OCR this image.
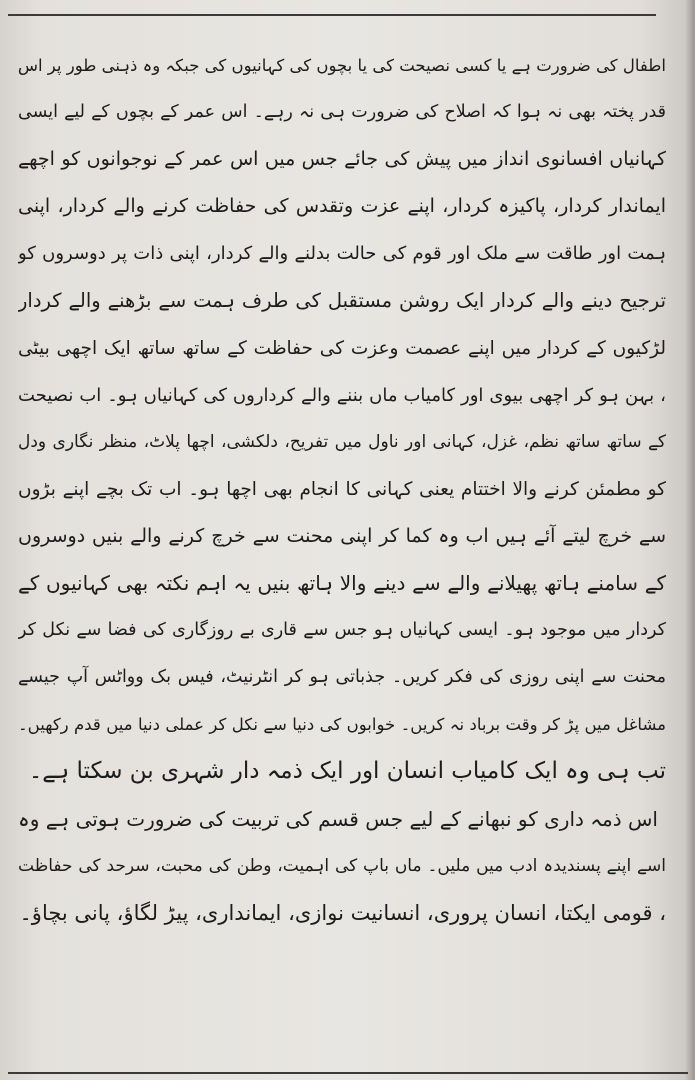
اطفال کی ضرورت ہے یا کسی نصیحت کی یا بچوں کی کہانیوں کی جبکہ وہ ذہنی طور پر اس
قدر پختہ بھی نہ ہوا کہ اصلاح کی ضرورت ہی نہ رہے۔ اس عمر کے بچوں کے لیے ایسی
کہانیاں افسانوی انداز میں پیش کی جائے جس میں اس عمر کے نوجوانوں کو اچھے
ایماندار کردار، پاکیزہ کردار، اپنے عزت وتقدس کی حفاظت کرنے والے کردار، اپنی
ہمت اور طاقت سے ملک اور قوم کی حالت بدلنے والے کردار، اپنی ذات پر دوسروں کو
ترجیح دینے والے کردار ایک روشن مستقبل کی طرف ہمت سے بڑھنے والے کردار
لڑکیوں کے کردار میں اپنے عصمت وعزت کی حفاظت کے ساتھ ساتھ ایک اچھی بیٹی
، بہن ہو کر اچھی بیوی اور کامیاب ماں بننے والے کرداروں کی کہانیاں ہو۔ اب نصیحت
کے ساتھ ساتھ نظم، غزل، کہانی اور ناول میں تفریح، دلکشی، اچھا پلاٹ، منظر نگاری ودل
کو مطمئن کرنے والا اختتام یعنی کہانی کا انجام بھی اچھا ہو۔ اب تک بچے اپنے بڑوں
سے خرچ لیتے آئے ہیں اب وہ کما کر اپنی محنت سے خرچ کرنے والے بنیں دوسروں
کے سامنے ہاتھ پھیلانے والے سے دینے والا ہاتھ بنیں یہ اہم نکتہ بھی کہانیوں کے
کردار میں موجود ہو۔ ایسی کہانیاں ہو جس سے قاری بے روزگاری کی فضا سے نکل کر
محنت سے اپنی روزی کی فکر کریں۔ جذباتی ہو کر انٹرنیٹ، فیس بک وواٹس آپ جیسے
مشاغل میں پڑ کر وقت برباد نہ کریں۔ خوابوں کی دنیا سے نکل کر عملی دنیا میں قدم رکھیں۔
تب ہی وہ ایک کامیاب انسان اور ایک ذمہ دار شہری بن سکتا ہے۔
اس ذمہ داری کو نبھانے کے لیے جس قسم کی تربیت کی ضرورت ہوتی ہے وہ
اسے اپنے پسندیدہ ادب میں ملیں۔ ماں باپ کی اہمیت، وطن کی محبت، سرحد کی حفاظت
، قومی ایکتا، انسان پروری، انسانیت نوازی، ایمانداری، پیڑ لگاؤ، پانی بچاؤ۔
